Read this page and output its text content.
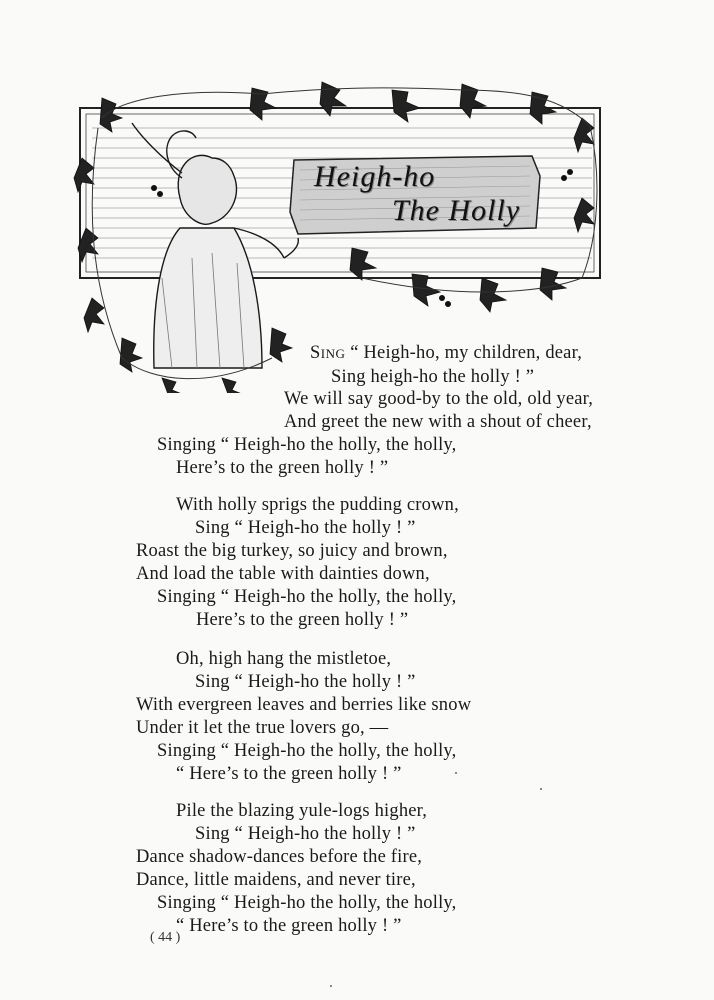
Heigh-ho
The Holly
Sing “ Heigh-ho, my children, dear,
Sing heigh-ho the holly ! ”
We will say good-by to the old, old year,
And greet the new with a shout of cheer,
Singing “ Heigh-ho the holly, the holly,
Here’s to the green holly ! ”
With holly sprigs the pudding crown,
Sing “ Heigh-ho the holly ! ”
Roast the big turkey, so juicy and brown,
And load the table with dainties down,
Singing “ Heigh-ho the holly, the holly,
Here’s to the green holly ! ”
Oh, high hang the mistletoe,
Sing “ Heigh-ho the holly ! ”
With evergreen leaves and berries like snow
Under it let the true lovers go, —
Singing “ Heigh-ho the holly, the holly,
“ Here’s to the green holly ! ”
Pile the blazing yule-logs higher,
Sing “ Heigh-ho the holly ! ”
Dance shadow-dances before the fire,
Dance, little maidens, and never tire,
Singing “ Heigh-ho the holly, the holly,
“ Here’s to the green holly ! ”
( 44 )
